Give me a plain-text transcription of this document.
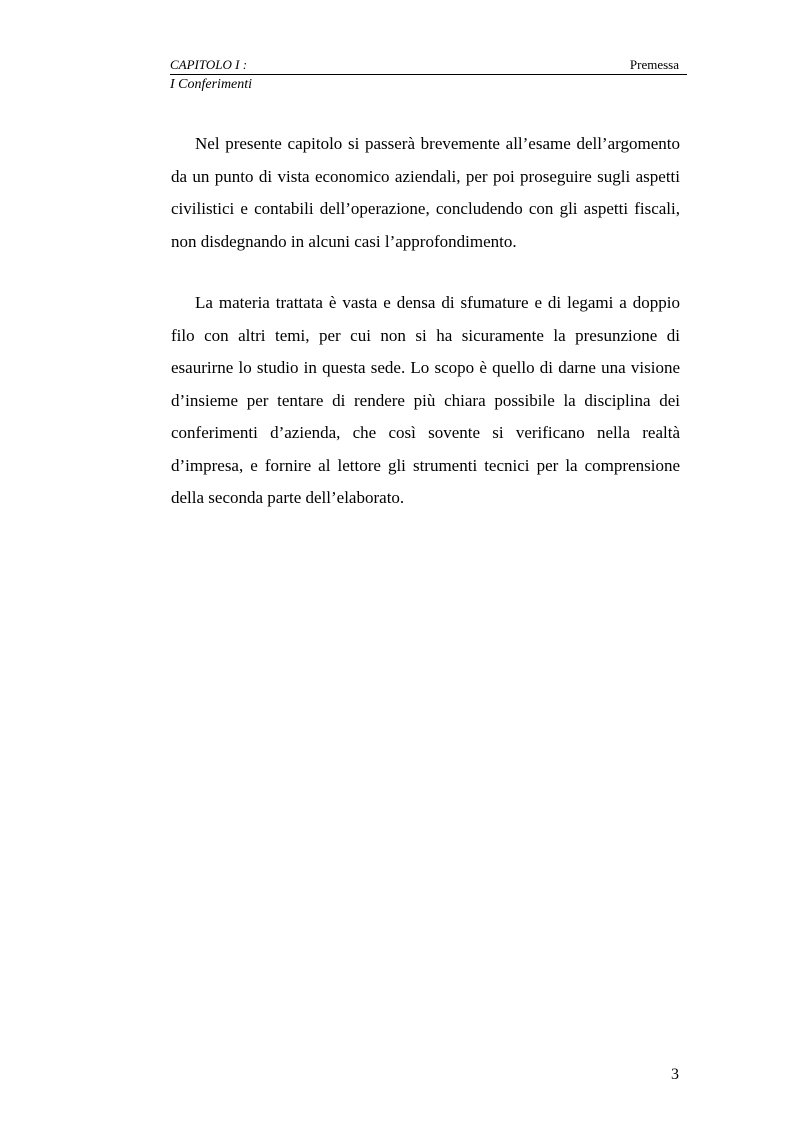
CAPITOLO I :	Premessa
I Conferimenti

Nel presente capitolo si passerà brevemente all’esame dell’argomento da un punto di vista economico aziendali, per poi proseguire sugli aspetti civilistici e contabili dell’operazione, concludendo con gli aspetti fiscali, non disdegnando in alcuni casi l’approfondimento.

La materia trattata è vasta e densa di sfumature e di legami a doppio filo con altri temi, per cui non si ha sicuramente la presunzione di esaurirne lo studio in questa sede. Lo scopo è quello di darne una visione d’insieme per tentare di rendere più chiara possibile la disciplina dei conferimenti d’azienda, che così sovente si verificano nella realtà d’impresa, e fornire al lettore gli strumenti tecnici per la comprensione della seconda parte dell’elaborato.

3
